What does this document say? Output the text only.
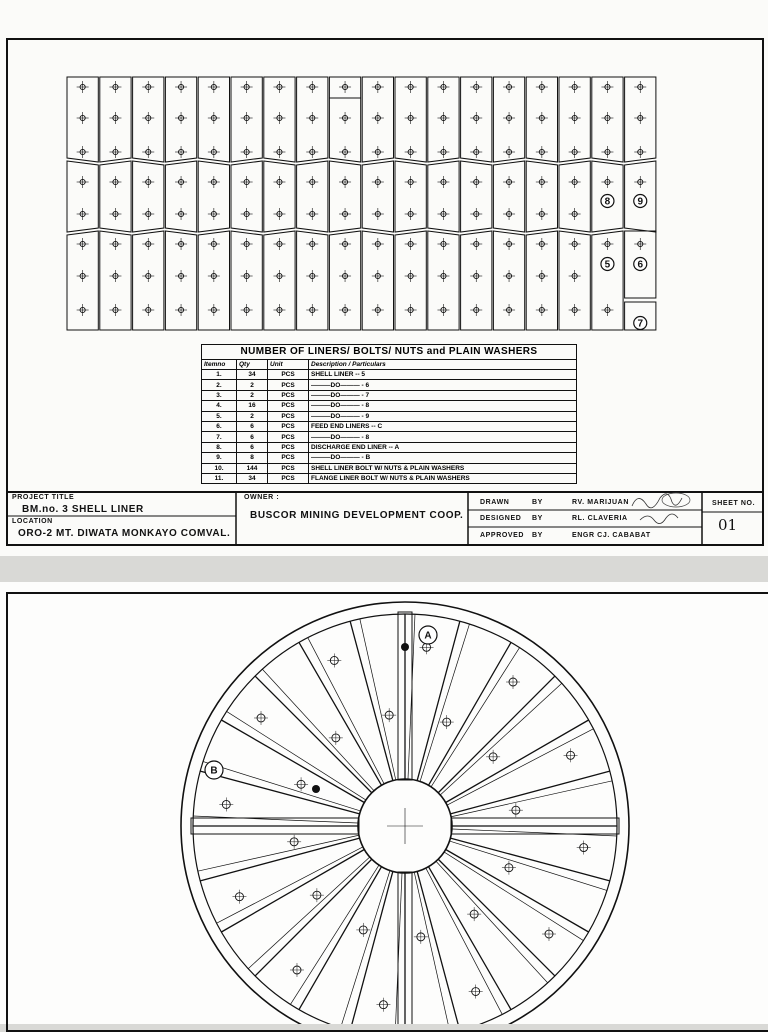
8	9
5	6
7
NUMBER OF LINERS/ BOLTS/ NUTS and PLAIN WASHERS
Itemno	Qty	Unit	Description / Particulars
1.	34	PCS	SHELL LINER -- 5
2.	2	PCS	———DO——— - 6
3.	2	PCS	———DO——— - 7
4.	16	PCS	———DO——— - 8
5.	2	PCS	———DO——— - 9
6.	6	PCS	FEED END LINERS -- C
7.	6	PCS	———DO——— - 8
8.	6	PCS	DISCHARGE END LINER -- A
9.	8	PCS	———DO——— - B
10.	144	PCS	SHELL LINER BOLT W/ NUTS & PLAIN WASHERS
11.	34	PCS	FLANGE LINER BOLT W/ NUTS & PLAIN WASHERS
PROJECT TITLE
BM.no. 3 SHELL LINER
LOCATION
ORO-2 MT. DIWATA MONKAYO COMVAL.
OWNER :
BUSCOR MINING DEVELOPMENT COOP.
DRAWN	BY	RV. MARIJUAN
DESIGNED BY	RL. CLAVERIA
APPROVED BY	ENGR CJ. CABABAT
SHEET NO.
01
A
B
